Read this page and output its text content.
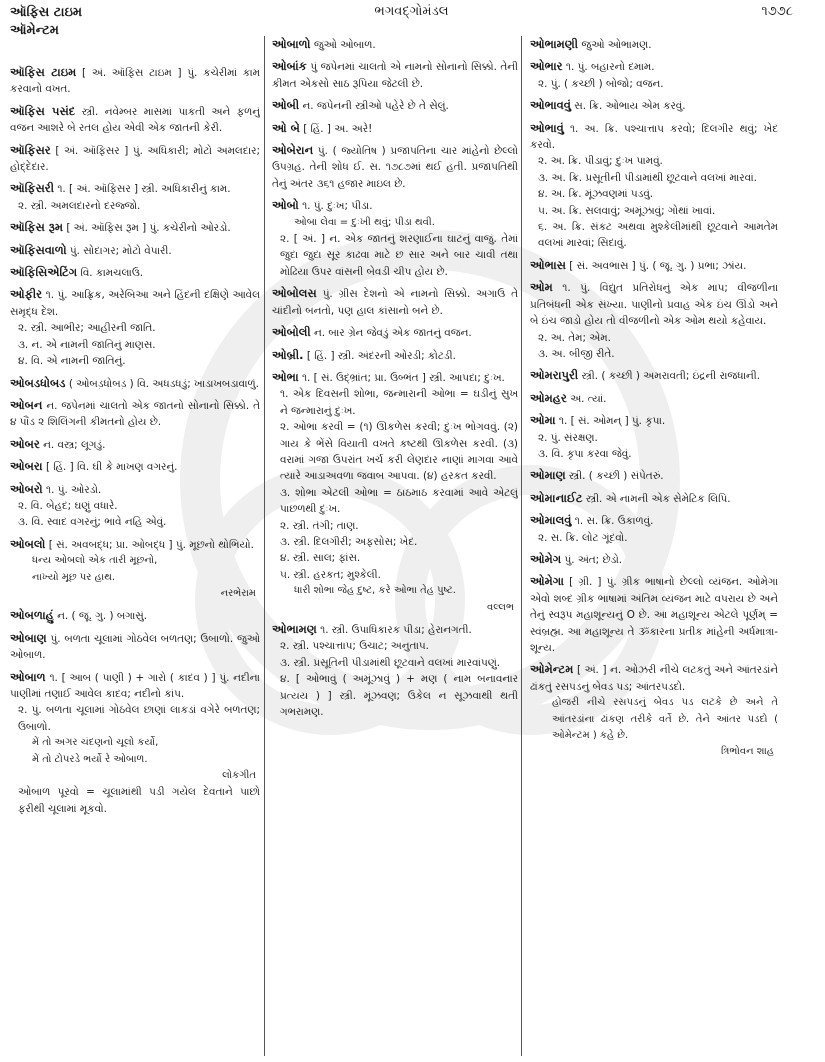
ઑફિસ ટાઇમ
ઑમેન્ટમ
ભગવદ્ગોમંડલ	૧૭૭૮

ઑફિસ ટાઇમ [ અં. ઑફિસ ટાઇમ ] પું. કચેરીમાં કામ કરવાનો વખત.

ઑફિસ પસંદ સ્ત્રી. નવેમ્બર માસમાં પાકતી અને ફળનું વજન આશરે બે રતલ હોય એવી એક જાતની કેરી.

ઑફિસર [ અં. ઑફિસર ] પું. અધિકારી; મોટો અમલદાર; હોદ્દેદાર.

ઑફિસરી ૧. [ અં. ઑફિસર ] સ્ત્રી. અધિકારીનું કામ.

૨. સ્ત્રી. અમલદારનો દરજ્જો.

ઑફિસ રૂમ [ અં. ઑફિસ રૂમ ] પું. કચેરીનો ઓરડો.

ઑફિસવાળો પું. સોદાગર; મોટો વેપારી.

ઑફિસિએટિંગ વિ. કામચલાઉ.

ઓફીર ૧. પું. આફ્રિક, અરેબિઆ અને હિંદની દક્ષિણે આવેલ સમૃદ્ધ દેશ.

૨. સ્ત્રી. આભીર; આહીરની જાતિ.

૩. ન. એ નામની જાતિનું માણસ.

૪. વિ. એ નામની જાતિનું.

ઓબડધોબડ ( ઓબડ઼ધોબડ઼ ) વિ. અધડધડ઼ું; ખાડાખબડાવાળું.

ઓબન ન. જપેનમાં ચાલતો એક જાતનો સોનાનો સિક્કો. તે ૪ પૌંડ ૨ શિલિંગની કીમતનો હોય છે.

ઓબર ન. વસ્ત્ર; લૂગડું.

ઓબરા [ હિં. ] વિ. ઘી કે માખણ વગરનું.

ઓબરો ૧. પું. ઓરડો.

૨. વિ. બેહદ; ઘણું વધારે.

૩. વિ. સ્વાદ વગરનું; ભાવે નહિ એવું.

ઓબલો [ સં. અવબદ્ધ; પ્રા. ઓબદ્ધ ] પું. મૂછનો થોભિયો.

ધન્ય ઓબલો એક તારી મૂછનો,

નાખ્યો મૂછ પર હાથ.

નરભેરામ

ઓબળાહું ન. ( જૂ. ગુ. ) બગાસું.

ઓબાણ પું. બળતા ચૂલામાં ગોઠવેલ બળતણ; ઉબાળો. જુઓ ઓબાળ.

ઓબાળ ૧. [ આબ ( પાણી ) + ગારો ( કાદવ ) ] પું. નદીના પાણીમાં તણાઈ આવેલ કાદવ; નદીનો કાંપ.

૨. પું. બળતા ચૂલામાં ગોઠવેલ છાણાં લાકડાં વગેરે બળતણ; ઉબાળો.

મેં તો અગર ચંદણનો ચૂલો કર્યો,

મેં તો ટોપરડે ભર્યો રે ઓબાળ.

લોકગીત

ઓબાળ પૂરવો = ચૂલામાંથી પડી ગયેલ દેવતાને પાછો ફરીથી ચૂલામાં મૂકવો.

ઓબાળો જુઓ ઓબાળ.

ઓબાંક પું જપેનમાં ચાલતો એ નામનો સોનાનો સિક્કો. તેની કીમત એકસો સાઠ રૂપિયા જેટલી છે.

ઓબી ન. જપેનની સ્ત્રીઓ પહેરે છે તે સેલું.

ઓ બે [ હિં. ] અ. અરે!

ઓબેરાન પું. ( જ્યોતિષ ) પ્રજાપતિના ચાર માંહેનો છેલ્લો ઉપગ્રહ. તેની શોધ ઈ. સ. ૧૭૮૭માં થઈ હતી. પ્રજાપતિથી તેનું અંતર ૩૬૧ હજાર માઇલ છે.

ઓબો ૧. પું. દુઃખ; પીડા.

ઓબા લેવા = દુઃખી થવું; પીડા થવી.

૨. [ અં. ] ન. એક જાતનું શરણાઈના ઘાટનું વાજું. તેમાં જુદા જુદા સૂર કાઢવા માટે છ સાર અને બાર ચાવી તથા મોઢિયા ઉપર વાંસની બેવડી ચીપ હોય છે.

ઓબોલસ પું. ગ્રીસ દેશનો એ નામનો સિક્કો. અગાઉ તે ચાંદીનો બનતો, પણ હાલ કાંસાનો બને છે.

ઓબોલી ન. બાર ગ્રેન જેવડું એક જાતનું વજન.

ઓબ્રી. [ હિં. ] સ્ત્રી. અંદરની ઓરડી; કોટડી.

ઓભા ૧. [ સં. ઉદ્ભ્રાંત; પ્રા. ઉબ્ભંત ] સ્ત્રી. આપદા; દુઃખ.

૧. એક દિવસની શોભા, જન્મારાની ઓભા = ઘડીનું સુખ ને જન્મારાનું દુઃખ.

૨. ઓભા કરવી = (૧) ઊકળેસ કરવી; દુઃખ ભોગવવું. (૨) ગાય કે ભેંસે વિયાતી વખતે કષ્ટથી ઊકળેસ કરવી. (૩) વરામાં ગજા ઉપરાંત ખર્ચ કરી લેણદાર નાણાં માગવા આવે ત્યારે આડાઅવળા જવાબ આપવા. (૪) હરકત કરવી.

૩. શોભા એટલી ઓભા = ઠાઠમાઠ કરવામાં આવે એટલું પાછળથી દુઃખ.

૨. સ્ત્રી. તંગી; તાણ.

૩. સ્ત્રી. દિલગીરી; અફસોસ; ખેદ.

૪. સ્ત્રી. સાલ; ફાંસ.

૫. સ્ત્રી. હરકત; મુશ્કેલી.

ધારી શોભા જેહ દુષ્ટ, કરે ઓભા તેહ પુષ્ટ.

વલ્લભ

ઓભામણ ૧. સ્ત્રી. ઉપાધિકારક પીડા; હેરાનગતી.

૨. સ્ત્રી. પશ્ચાત્તાપ; ઉચાટ; અનુતાપ.

૩. સ્ત્રી. પ્રસૂતિની પીડામાંથી છૂટવાને વલખાં મારવાંપણું.

૪. [ ઓભાવું ( અમૂંઝાવું ) + મણ ( નામ બનાવનાર પ્રત્યય ) ] સ્ત્રી. મૂંઝવણ; ઉકેલ ન સૂઝવાથી થતી ગભરામણ.

ઓભામણી જુઓ ઓભામણ.

ઓભાર ૧. પું. બહારનો દમામ.

૨. પું. ( કચ્છી ) બોજો; વજન.

ઓભાવવું સ. ક્રિ. ઓભાય એમ કરવું.

ઓભાવું ૧. અ. ક્રિ. પશ્ચાત્તાપ કરવો; દિલગીર થવું; ખેદ કરવો.

૨. અ. ક્રિ. પીડાવું; દુઃખ પામવું.

૩. અ. ક્રિ. પ્રસૂતીની પીડામાંથી છૂટવાને વલખાં મારવાં.

૪. અ. ક્રિ. મૂંઝવણમાં પડવું.

૫. અ. ક્રિ. સલવાવું; અમૂંઝાવું; ગોથાં ખાવાં.

૬. અ. ક્રિ. સંકટ અથવા મુશ્કેલીમાંથી છૂટવાને આમતેમ વલખાં મારવાં; સિદાવું.

ઓભાસ [ સં. અવભાસ ] પું. ( જૂ. ગુ. ) પ્રભા; ઝાંય.

ઓમ ૧. પું. વિદ્યુત પ્રતિરોધનું એક માપ; વીજળીના પ્રતિબંધની એક સંખ્યા. પાણીનો પ્રવાહ એક ઇંચ ઊંડો અને બે ઇંચ જાડો હોય તો વીજળીનો એક ઓમ થયો કહેવાય.

૨. અ. તેમ; એમ.

૩. અ. બીજી રીતે.

ઓમરાપુરી સ્ત્રી. ( કચ્છી ) અમરાવતી; ઇંદ્રની રાજધાની.

ઓમહર અ. ત્યાં.

ઓમા ૧. [ સં. ઓમન્ ] પું. કૃપા.

૨. પું. સંરક્ષણ.

૩. વિ. કૃપા કરવા જેવું.

ઓમાણ સ્ત્રી. ( કચ્છી ) સંપેતરું.

ઓમાનાઈટ સ્ત્રી. એ નામની એક સેમેટિક લિપિ.

ઓમાલવું ૧. સ. ક્રિ. ઉકાળવું.

૨. સ. ક્રિ. લોટ ગૂંદવો.

ઓમેગ પું. અંત; છેડો.

ઓમેગા [ ગ્રી. ] પું. ગ્રીક ભાષાનો છેલ્લો વ્યંજન. ઓમેગા એવો શબ્દ ગ્રીક ભાષામાં અંતિમ વ્યંજન માટે વપરાય છે અને તેનું સ્વરૂપ મહાશૂન્યનું O છે. આ મહાશૂન્ય એટલે પૂર્ણમ્ = સ્વંબ્રહ્મ. આ મહાશૂન્ય તે ૐકારના પ્રતીક માંહેની અર્ધમાત્રા-શૂન્ય.

ઓમેન્ટમ [ અં. ] ન. ઓઝરી નીચે લટકતું અને આંતરડાંને ઢાંકતું રસપડનું બેવડ પડ; આંતરપડદો.

હોજરી નીચે રસપડનું બેવડ પડ લટકે છે અને તે આંતરડાંના ઢાંકણ તરીકે વર્તે છે. તેને આંતર પડદો ( ઓમેન્ટમ ) કહે છે.

ત્રિભોવન શાહ
